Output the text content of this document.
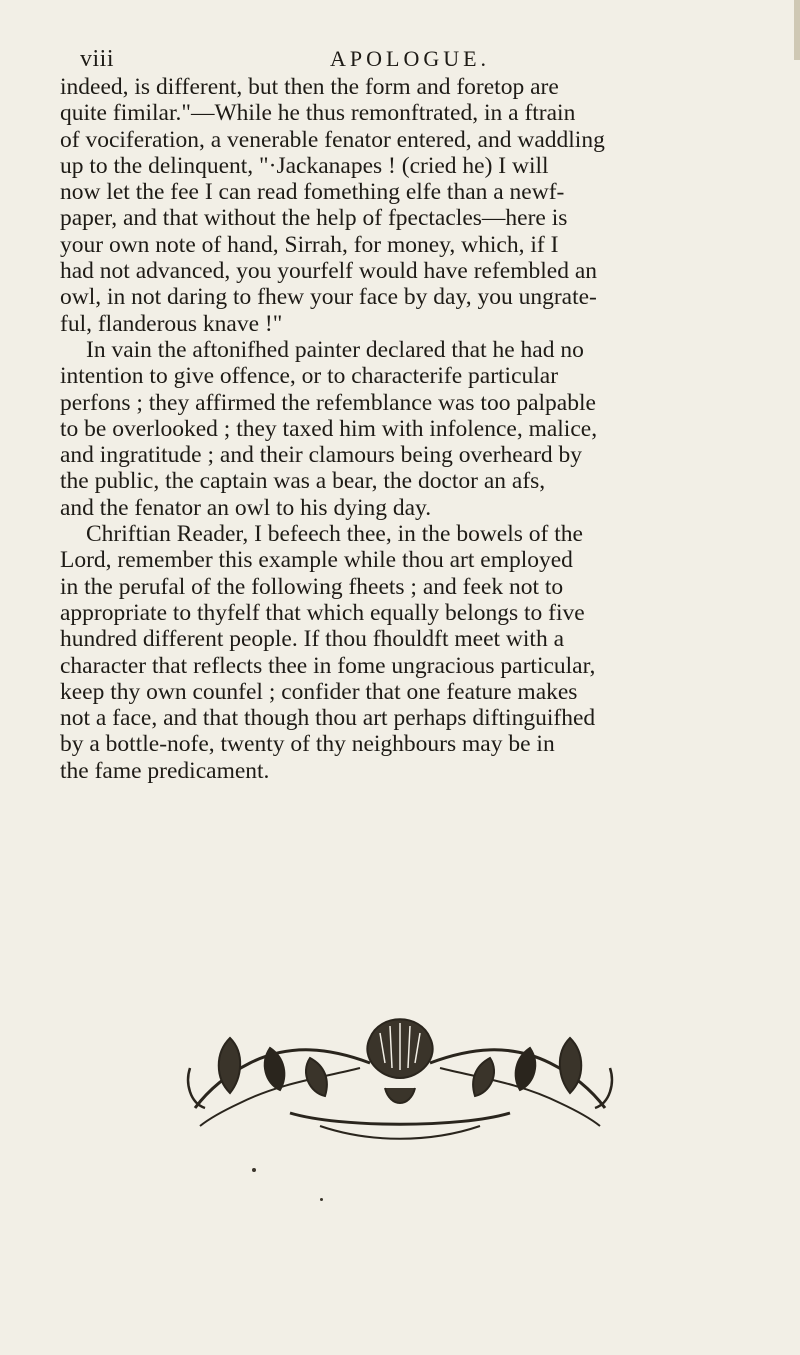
viii	APOLOGUE.
indeed, is different, but then the form and foretop are
quite fimilar."—While he thus remonftrated, in a ftrain
of vociferation, a venerable fenator entered, and waddling
up to the delinquent, "·Jackanapes ! (cried he) I will
now let the fee I can read fomething elfe than a newf-
paper, and that without the help of fpectacles—here is
your own note of hand, Sirrah, for money, which, if I
had not advanced, you yourfelf would have refembled an
owl, in not daring to fhew your face by day, you ungrate-
ful, flanderous knave !"
In vain the aftonifhed painter declared that he had no
intention to give offence, or to characterife particular
perfons ; they affirmed the refemblance was too palpable
to be overlooked ; they taxed him with infolence, malice,
and ingratitude ; and their clamours being overheard by
the public, the captain was a bear, the doctor an afs,
and the fenator an owl to his dying day.
Chriftian Reader, I befeech thee, in the bowels of the
Lord, remember this example while thou art employed
in the perufal of the following fheets ; and feek not to
appropriate to thyfelf that which equally belongs to five
hundred different people. If thou fhouldft meet with a
character that reflects thee in fome ungracious particular,
keep thy own counfel ; confider that one feature makes
not a face, and that though thou art perhaps diftinguifhed
by a bottle-nofe, twenty of thy neighbours may be in
the fame predicament.
